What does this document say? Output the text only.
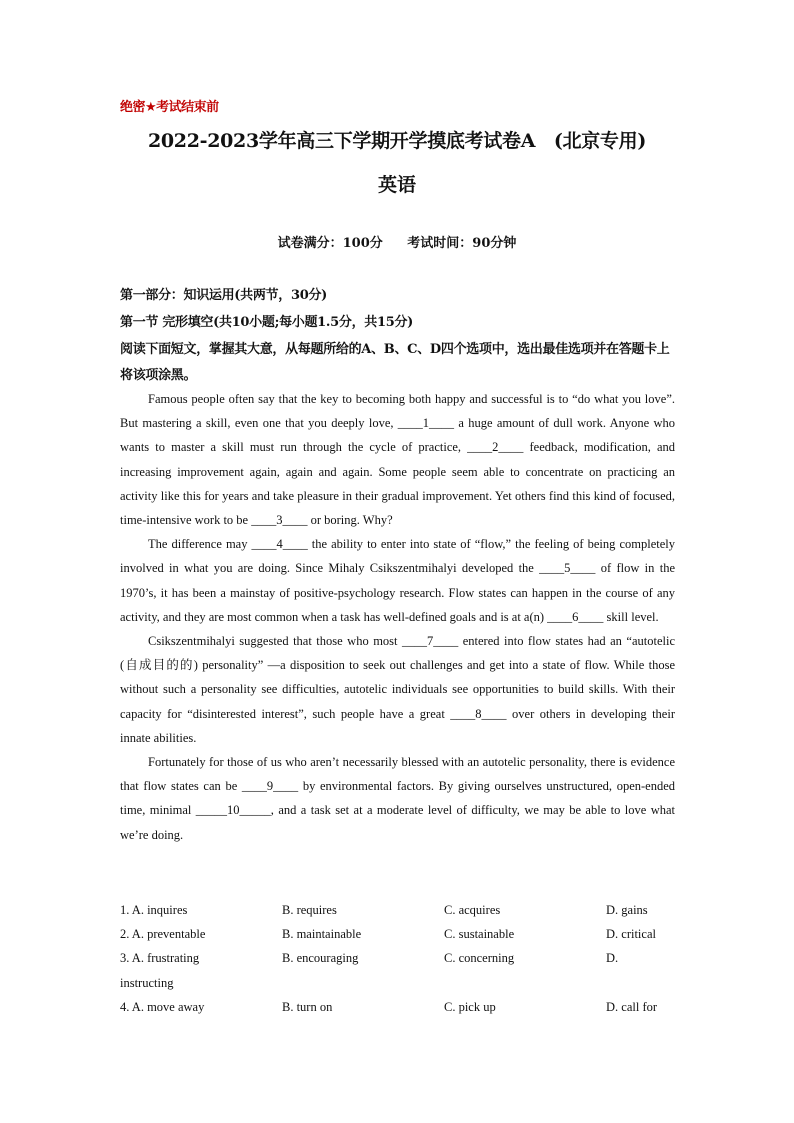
绝密★考试结束前
2022-2023学年高三下学期开学摸底考试卷A　(北京专用)
英语
试卷满分：100分 考试时间：90分钟
第一部分：知识运用(共两节，30分)
第一节 完形填空(共10小题;每小题1.5分，共15分)
阅读下面短文，掌握其大意，从每题所给的A、B、C、D四个选项中，选出最佳选项并在答题卡上将该项涂黑。

Famous people often say that the key to becoming both happy and successful is to “do what you love”. But mastering a skill, even one that you deeply love, ____1____ a huge amount of dull work. Anyone who wants to master a skill must run through the cycle of practice, ____2____ feedback, modification, and increasing improvement again, again and again. Some people seem able to concentrate on practicing an activity like this for years and take pleasure in their gradual improvement. Yet others find this kind of focused, time-intensive work to be ____3____ or boring. Why?

The difference may ____4____ the ability to enter into state of “flow,” the feeling of being completely involved in what you are doing. Since Mihaly Csikszentmihalyi developed the ____5____ of flow in the 1970’s, it has been a mainstay of positive-psychology research. Flow states can happen in the course of any activity, and they are most common when a task has well-defined goals and is at a(n) ____6____ skill level.

Csikszentmihalyi suggested that those who most ____7____ entered into flow states had an “autotelic (自成目的的) personality” —a disposition to seek out challenges and get into a state of flow. While those without such a personality see difficulties, autotelic individuals see opportunities to build skills. With their capacity for “disinterested interest”, such people have a great ____8____ over others in developing their innate abilities.

Fortunately for those of us who aren’t necessarily blessed with an autotelic personality, there is evidence that flow states can be ____9____ by environmental factors. By giving ourselves unstructured, open-ended time, minimal _____10_____, and a task set at a moderate level of difficulty, we may be able to love what we’re doing.

1. A. inquires	B. requires	C. acquires	D. gains
2. A. preventable	B. maintainable	C. sustainable	D. critical
3. A. frustrating	B. encouraging	C. concerning	D.
instructing
4. A. move away	B. turn on	C. pick up	D. call for
